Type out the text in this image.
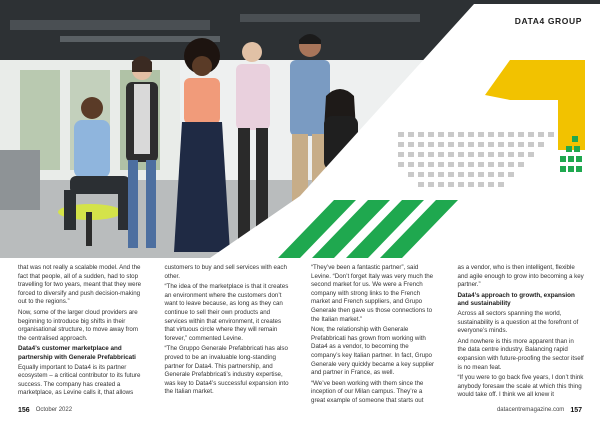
DATA4 GROUP

that was not really a scalable model. And the fact that people, all of a sudden, had to stop travelling for two years, meant that they were forced to diversify and push decision-making out to the regions.”

Now, some of the larger cloud providers are beginning to introduce big shifts in their organisational structure, to move away from the centralised approach.

Data4’s customer marketplace and partnership with Generale Prefabbricati

Equally important to Data4 is its partner ecosystem – a critical contributor to its future success. The company has created a marketplace, as Levine calls it, that allows

customers to buy and sell services with each other.

“The idea of the marketplace is that it creates an environment where the customers don’t want to leave because, as long as they can continue to sell their own products and services within that environment, it creates that virtuous circle where they will remain forever,” commented Levine.

“The Gruppo Generale Prefabbricati has also proved to be an invaluable long-standing partner for Data4. This partnership, and Generale Prefabbricati’s industry expertise, was key to Data4’s successful expansion into the Italian market.

“They’ve been a fantastic partner”, said Levine. “Don’t forget Italy was very much the second market for us. We were a French company with strong links to the French market and French suppliers, and Grupo Generale then gave us those connections to the Italian market.”

Now, the relationship with Generale Prefabbricati has grown from working with Data4 as a vendor, to becoming the company’s key Italian partner. In fact, Grupo Generale very quickly became a key supplier and partner in France, as well.

“We’ve been working with them since the inception of our Milan campus. They’re a great example of someone that starts out

as a vendor, who is then intelligent, flexible and agile enough to grow into becoming a key partner.”

Data4’s approach to growth, expansion and sustainability

Across all sectors spanning the world, sustainability is a question at the forefront of everyone’s minds.

And nowhere is this more apparent than in the data centre industry. Balancing rapid expansion with future-proofing the sector itself is no mean feat.

“If you were to go back five years, I don’t think anybody foresaw the scale at which this thing would take off. I think we all knew it

156 October 2022	datacentremagazine.com 157
